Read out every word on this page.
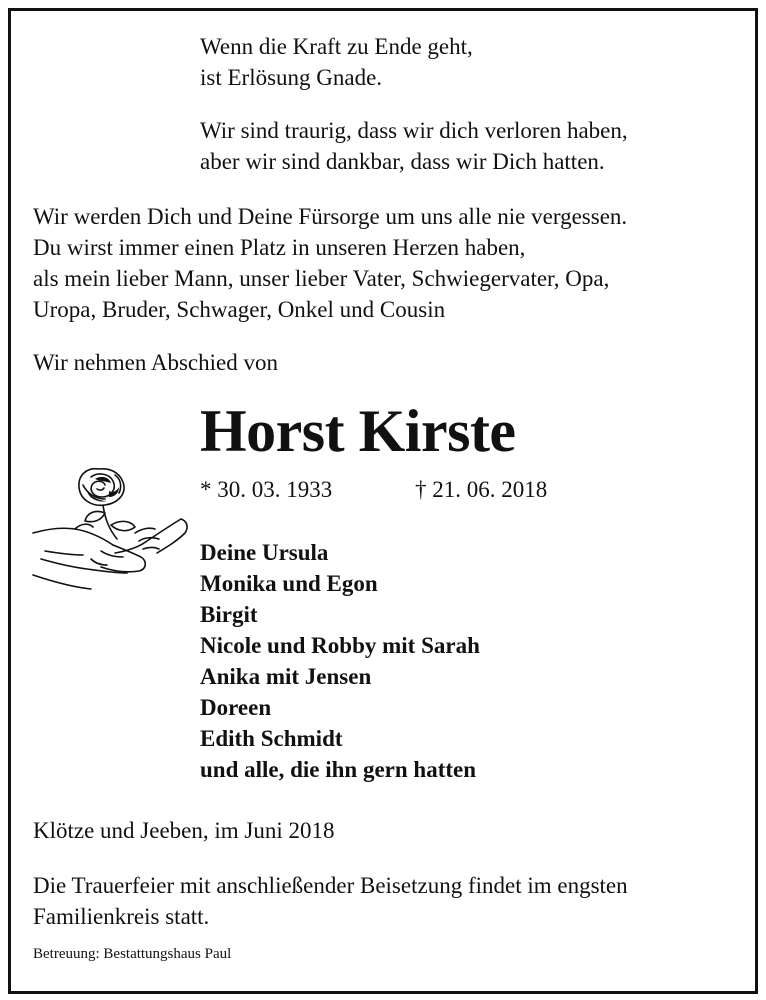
Wenn die Kraft zu Ende geht,
ist Erlösung Gnade.
Wir sind traurig, dass wir dich verloren haben,
aber wir sind dankbar, dass wir Dich hatten.
Wir werden Dich und Deine Fürsorge um uns alle nie vergessen.
Du wirst immer einen Platz in unseren Herzen haben,
als mein lieber Mann, unser lieber Vater, Schwiegervater, Opa,
Uropa, Bruder, Schwager, Onkel und Cousin
Wir nehmen Abschied von
Horst Kirste
* 30. 03. 1933	† 21. 06. 2018
Deine Ursula
Monika und Egon
Birgit
Nicole und Robby mit Sarah
Anika mit Jensen
Doreen
Edith Schmidt
und alle, die ihn gern hatten
Klötze und Jeeben, im Juni 2018
Die Trauerfeier mit anschließender Beisetzung findet im engsten
Familienkreis statt.
Betreuung: Bestattungshaus Paul
